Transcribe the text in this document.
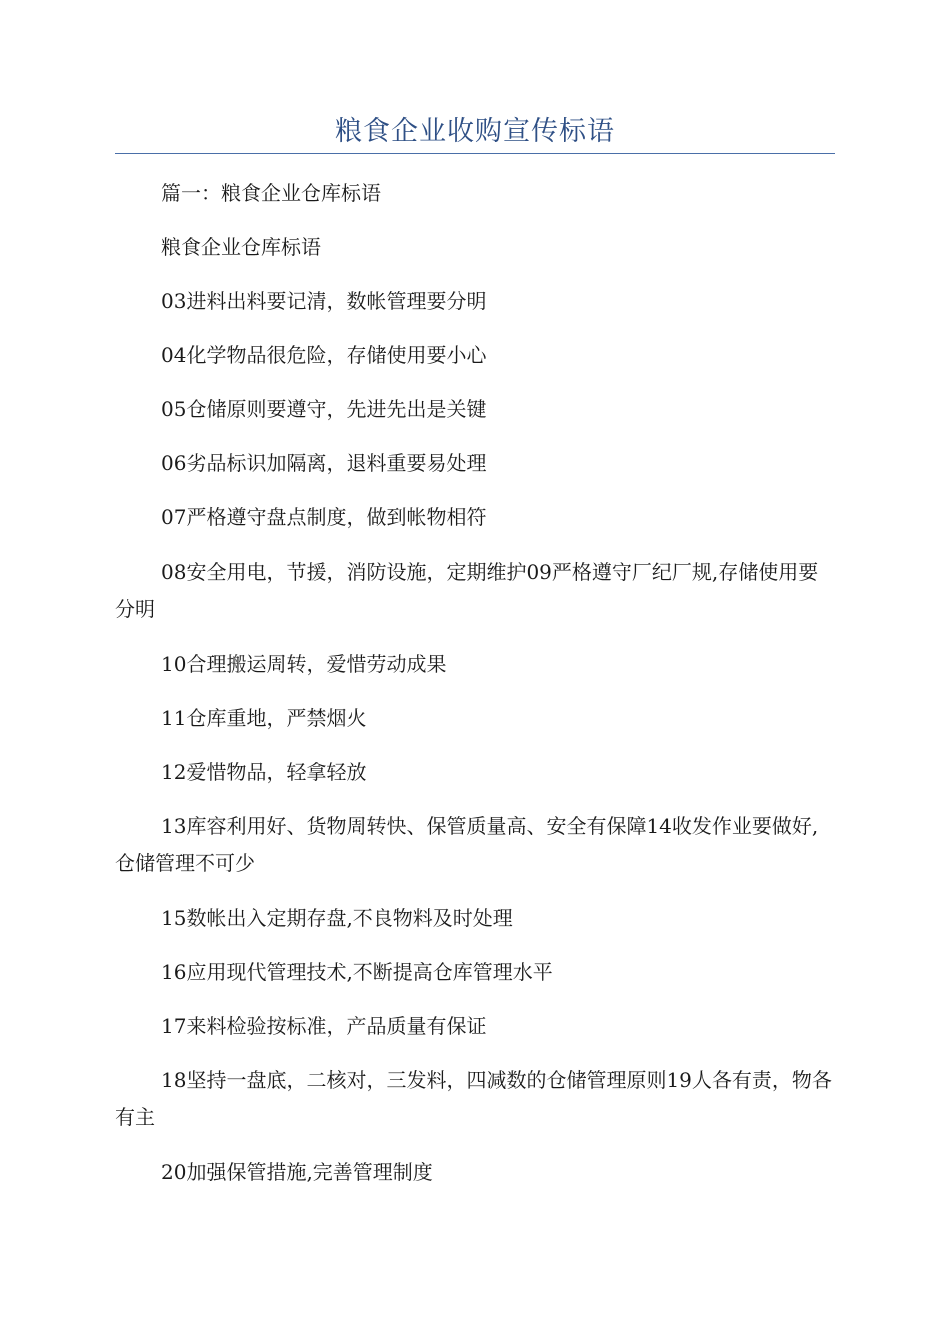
粮食企业收购宣传标语

篇一：粮食企业仓库标语

粮食企业仓库标语

03进料出料要记清，数帐管理要分明

04化学物品很危险，存储使用要小心

05仓储原则要遵守，先进先出是关键

06劣品标识加隔离，退料重要易处理

07严格遵守盘点制度，做到帐物相符

08安全用电，节援，消防设施，定期维护09严格遵守厂纪厂规,存储使用要分明

10合理搬运周转，爱惜劳动成果

11仓库重地，严禁烟火

12爱惜物品，轻拿轻放

13库容利用好、货物周转快、保管质量高、安全有保障14收发作业要做好,仓储管理不可少

15数帐出入定期存盘,不良物料及时处理

16应用现代管理技术,不断提高仓库管理水平

17来料检验按标准，产品质量有保证

18坚持一盘底，二核对，三发料，四减数的仓储管理原则19人各有责，物各有主

20加强保管措施,完善管理制度
